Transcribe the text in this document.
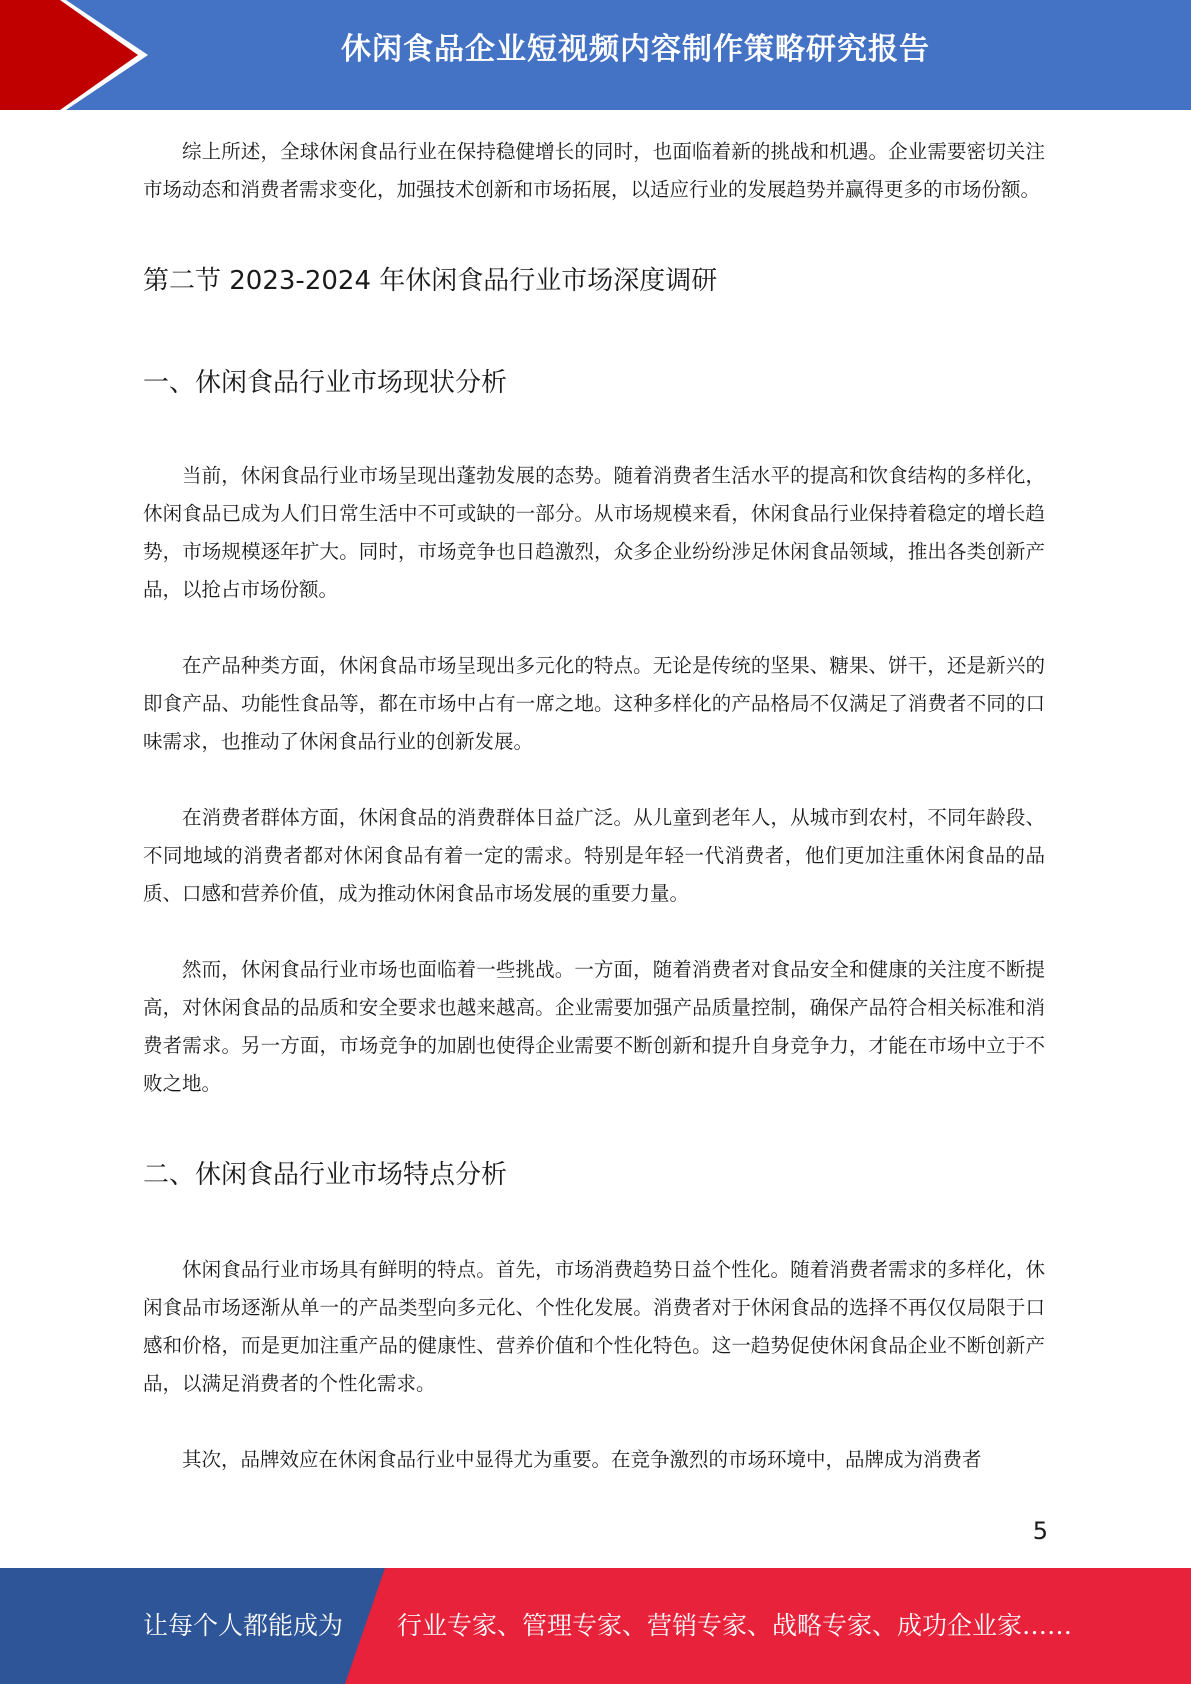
休闲食品企业短视频内容制作策略研究报告

综上所述，全球休闲食品行业在保持稳健增长的同时，也面临着新的挑战和机遇。企业需要密切关注市场动态和消费者需求变化，加强技术创新和市场拓展，以适应行业的发展趋势并赢得更多的市场份额。

第二节 2023-2024 年休闲食品行业市场深度调研
一、休闲食品行业市场现状分析

当前，休闲食品行业市场呈现出蓬勃发展的态势。随着消费者生活水平的提高和饮食结构的多样化，休闲食品已成为人们日常生活中不可或缺的一部分。从市场规模来看，休闲食品行业保持着稳定的增长趋势，市场规模逐年扩大。同时，市场竞争也日趋激烈，众多企业纷纷涉足休闲食品领域，推出各类创新产品，以抢占市场份额。

在产品种类方面，休闲食品市场呈现出多元化的特点。无论是传统的坚果、糖果、饼干，还是新兴的即食产品、功能性食品等，都在市场中占有一席之地。这种多样化的产品格局不仅满足了消费者不同的口味需求，也推动了休闲食品行业的创新发展。

在消费者群体方面，休闲食品的消费群体日益广泛。从儿童到老年人，从城市到农村，不同年龄段、不同地域的消费者都对休闲食品有着一定的需求。特别是年轻一代消费者，他们更加注重休闲食品的品质、口感和营养价值，成为推动休闲食品市场发展的重要力量。

然而，休闲食品行业市场也面临着一些挑战。一方面，随着消费者对食品安全和健康的关注度不断提高，对休闲食品的品质和安全要求也越来越高。企业需要加强产品质量控制，确保产品符合相关标准和消费者需求。另一方面，市场竞争的加剧也使得企业需要不断创新和提升自身竞争力，才能在市场中立于不败之地。

二、休闲食品行业市场特点分析

休闲食品行业市场具有鲜明的特点。首先，市场消费趋势日益个性化。随着消费者需求的多样化，休闲食品市场逐渐从单一的产品类型向多元化、个性化发展。消费者对于休闲食品的选择不再仅仅局限于口感和价格，而是更加注重产品的健康性、营养价值和个性化特色。这一趋势促使休闲食品企业不断创新产品，以满足消费者的个性化需求。

其次，品牌效应在休闲食品行业中显得尤为重要。在竞争激烈的市场环境中，品牌成为消费者

5
让每个人都能成为 行业专家、管理专家、营销专家、战略专家、成功企业家……
